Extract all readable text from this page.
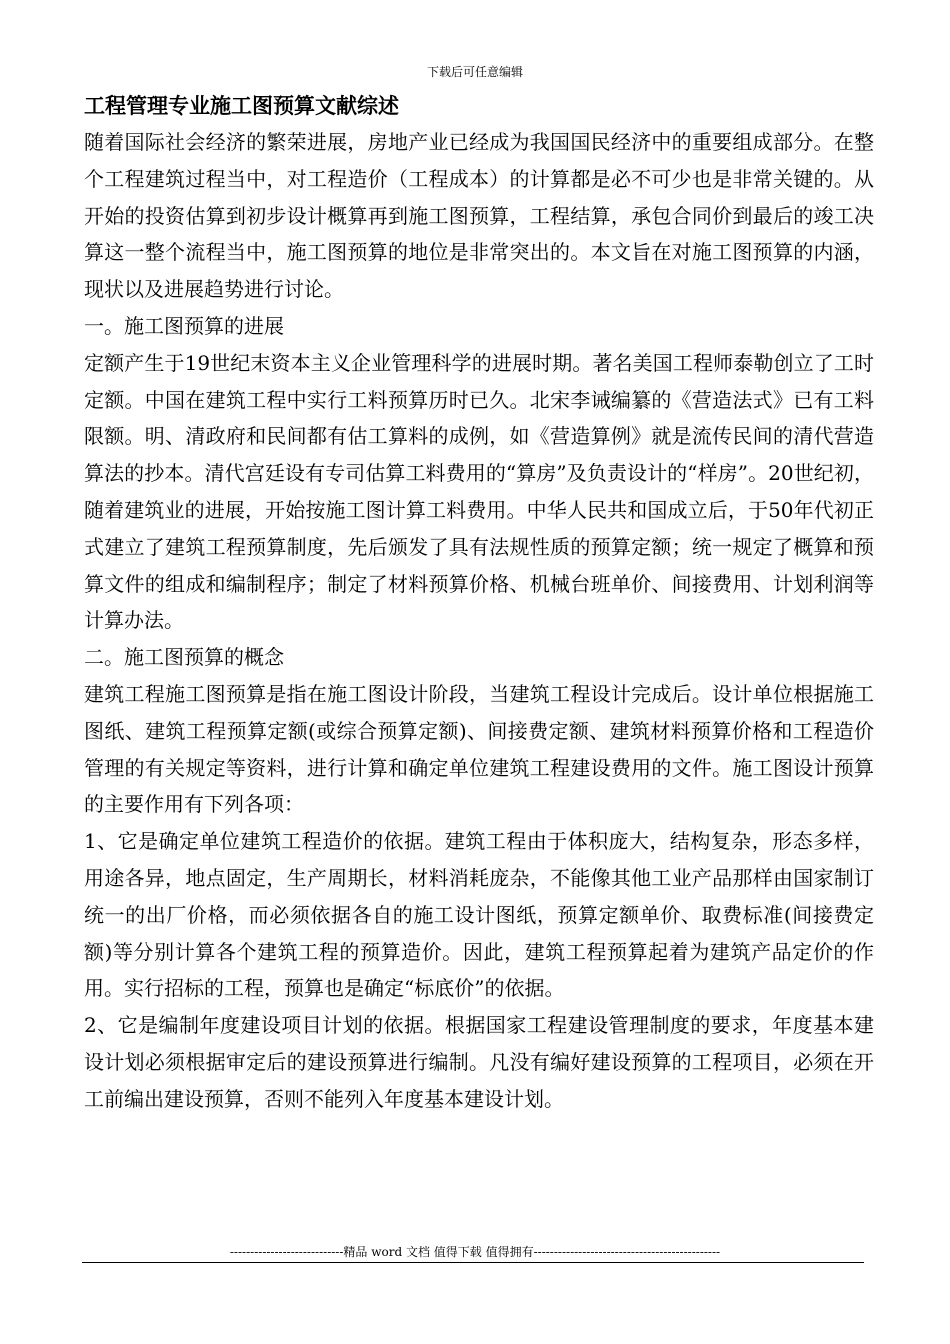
下载后可任意编辑
工程管理专业施工图预算文献综述

随着国际社会经济的繁荣进展，房地产业已经成为我国国民经济中的重要组成部分。在整个工程建筑过程当中，对工程造价（工程成本）的计算都是必不可少也是非常关键的。从开始的投资估算到初步设计概算再到施工图预算，工程结算，承包合同价到最后的竣工决算这一整个流程当中，施工图预算的地位是非常突出的。本文旨在对施工图预算的内涵，现状以及进展趋势进行讨论。

一。施工图预算的进展

定额产生于19世纪末资本主义企业管理科学的进展时期。著名美国工程师泰勒创立了工时定额。中国在建筑工程中实行工料预算历时已久。北宋李诫编纂的《营造法式》已有工料限额。明、清政府和民间都有估工算料的成例，如《营造算例》就是流传民间的清代营造算法的抄本。清代宫廷设有专司估算工料费用的“算房”及负责设计的“样房”。20世纪初，随着建筑业的进展，开始按施工图计算工料费用。中华人民共和国成立后，于50年代初正式建立了建筑工程预算制度，先后颁发了具有法规性质的预算定额；统一规定了概算和预算文件的组成和编制程序；制定了材料预算价格、机械台班单价、间接费用、计划利润等计算办法。

二。施工图预算的概念

建筑工程施工图预算是指在施工图设计阶段，当建筑工程设计完成后。设计单位根据施工图纸、建筑工程预算定额(或综合预算定额)、间接费定额、建筑材料预算价格和工程造价管理的有关规定等资料，进行计算和确定单位建筑工程建设费用的文件。施工图设计预算的主要作用有下列各项：

1、它是确定单位建筑工程造价的依据。建筑工程由于体积庞大，结构复杂，形态多样，用途各异，地点固定，生产周期长，材料消耗庞杂，不能像其他工业产品那样由国家制订统一的出厂价格，而必须依据各自的施工设计图纸，预算定额单价、取费标准(间接费定额)等分别计算各个建筑工程的预算造价。因此，建筑工程预算起着为建筑产品定价的作用。实行招标的工程，预算也是确定“标底价”的依据。

2、它是编制年度建设项目计划的依据。根据国家工程建设管理制度的要求，年度基本建设计划必须根据审定后的建设预算进行编制。凡没有编好建设预算的工程项目，必须在开工前编出建设预算，否则不能列入年度基本建设计划。

----------------------------精品 word 文档 值得下载 值得拥有----------------------------------------------
